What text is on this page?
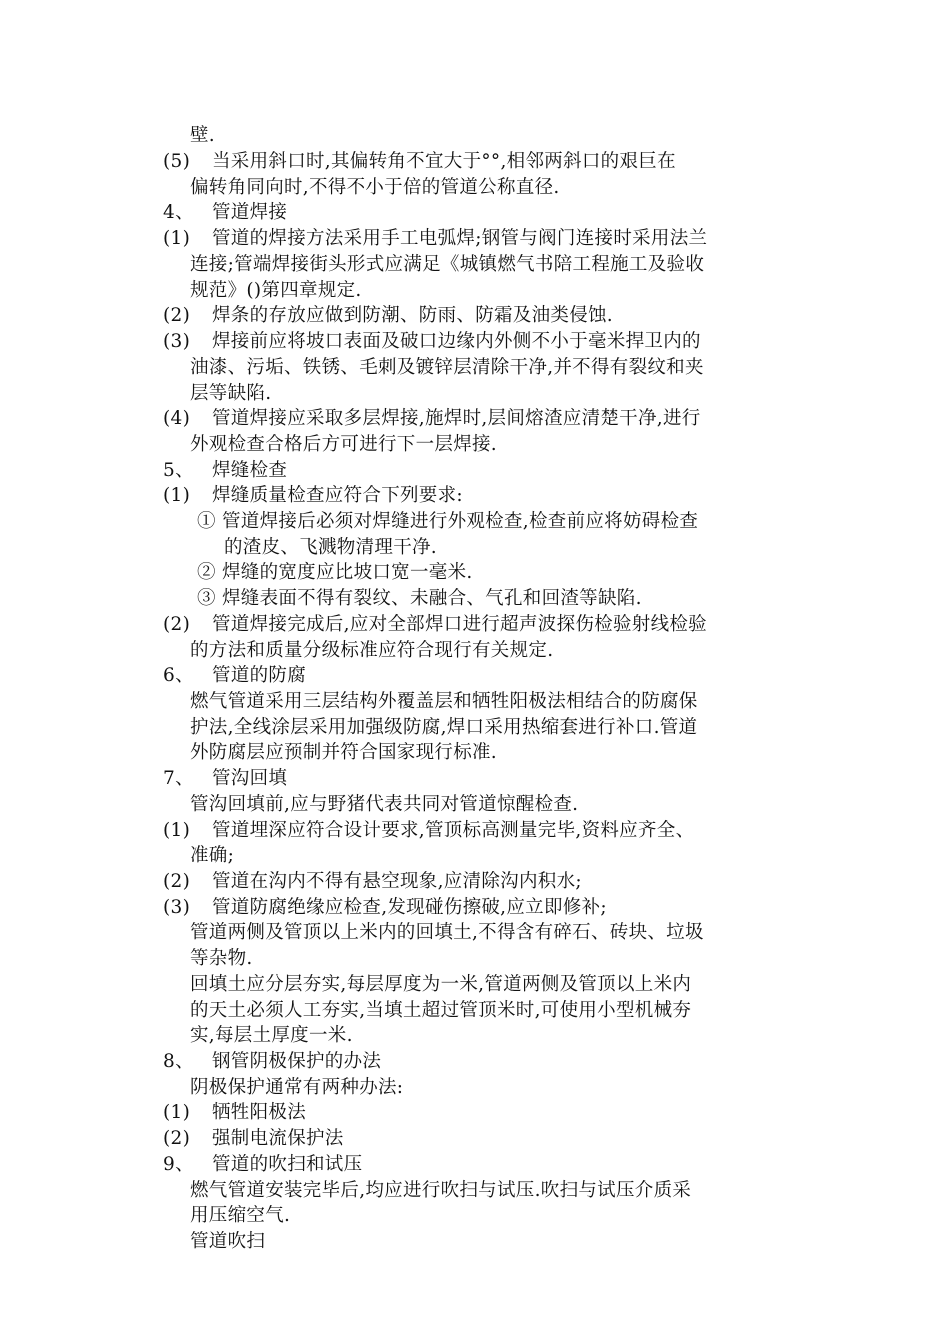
壁.
(5) 当采用斜口时,其偏转角不宜大于°°,相邻两斜口的艰巨在
偏转角同向时,不得不小于倍的管道公称直径.
4、 管道焊接
(1) 管道的焊接方法采用手工电弧焊;钢管与阀门连接时采用法兰
连接;管端焊接街头形式应满足《城镇燃气书陪工程施工及验收
规范》()第四章规定.
(2) 焊条的存放应做到防潮、防雨、防霜及油类侵蚀.
(3) 焊接前应将坡口表面及破口边缘内外侧不小于毫米捍卫内的
油漆、污垢、铁锈、毛刺及镀锌层清除干净,并不得有裂纹和夹
层等缺陷.
(4) 管道焊接应采取多层焊接,施焊时,层间熔渣应清楚干净,进行
外观检查合格后方可进行下一层焊接.
5、 焊缝检查
(1) 焊缝质量检查应符合下列要求:
① 管道焊接后必须对焊缝进行外观检查,检查前应将妨碍检查
的渣皮、飞溅物清理干净.
② 焊缝的宽度应比坡口宽一毫米.
③ 焊缝表面不得有裂纹、未融合、气孔和回渣等缺陷.
(2) 管道焊接完成后,应对全部焊口进行超声波探伤检验射线检验
的方法和质量分级标准应符合现行有关规定.
6、 管道的防腐
燃气管道采用三层结构外覆盖层和牺牲阳极法相结合的防腐保
护法,全线涂层采用加强级防腐,焊口采用热缩套进行补口.管道
外防腐层应预制并符合国家现行标准.
7、 管沟回填
管沟回填前,应与野猪代表共同对管道惊醒检查.
(1) 管道埋深应符合设计要求,管顶标高测量完毕,资料应齐全、
准确;
(2) 管道在沟内不得有悬空现象,应清除沟内积水;
(3) 管道防腐绝缘应检查,发现碰伤擦破,应立即修补;
管道两侧及管顶以上米内的回填土,不得含有碎石、砖块、垃圾
等杂物.
回填土应分层夯实,每层厚度为一米,管道两侧及管顶以上米内
的天土必须人工夯实,当填土超过管顶米时,可使用小型机械夯
实,每层土厚度一米.
8、 钢管阴极保护的办法
阴极保护通常有两种办法:
(1) 牺牲阳极法
(2) 强制电流保护法
9、 管道的吹扫和试压
燃气管道安装完毕后,均应进行吹扫与试压.吹扫与试压介质采
用压缩空气.
管道吹扫
